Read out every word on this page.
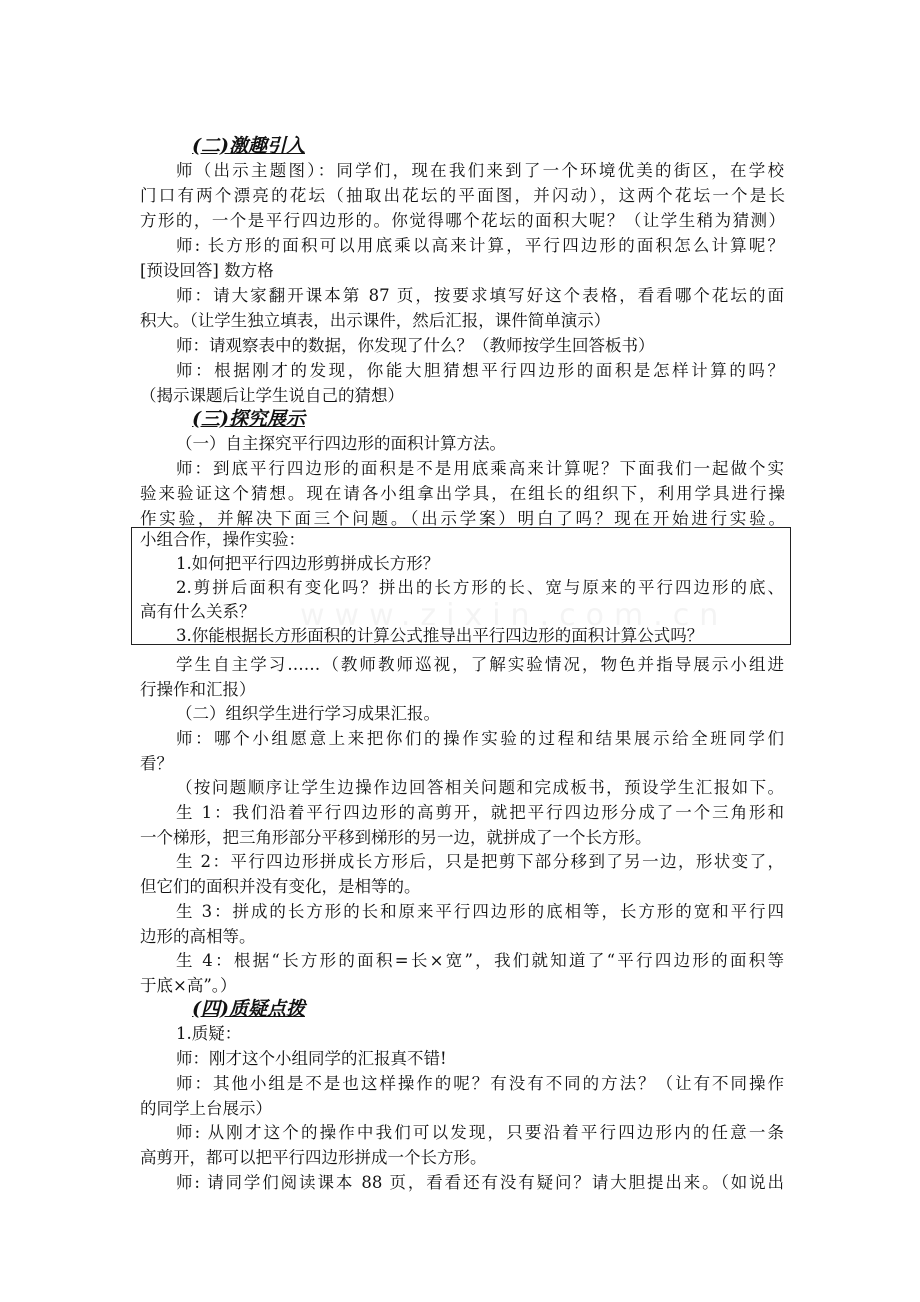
www.zixin.com.cn
(二)激趣引入
师（出示主题图）：同学们，现在我们来到了一个环境优美的街区，在学校
门口有两个漂亮的花坛（抽取出花坛的平面图，并闪动），这两个花坛一个是长
方形的，一个是平行四边形的。你觉得哪个花坛的面积大呢？（让学生稍为猜测）
师: 长方形的面积可以用底乘以高来计算，平行四边形的面积怎么计算呢？
[预设回答] 数方格
师：请大家翻开课本第 87 页，按要求填写好这个表格，看看哪个花坛的面
积大。（让学生独立填表，出示课件，然后汇报，课件简单演示）
师：请观察表中的数据，你发现了什么？（教师按学生回答板书）
师：根据刚才的发现，你能大胆猜想平行四边形的面积是怎样计算的吗？
（揭示课题后让学生说自己的猜想）
(三)探究展示
（一）自主探究平行四边形的面积计算方法。
师：到底平行四边形的面积是不是用底乘高来计算呢？下面我们一起做个实
验来验证这个猜想。现在请各小组拿出学具，在组长的组织下，利用学具进行操
作实验，并解决下面三个问题。（出示学案）明白了吗？现在开始进行实验。
小组合作，操作实验：
1.如何把平行四边形剪拼成长方形？
2.剪拼后面积有变化吗？拼出的长方形的长、宽与原来的平行四边形的底、
高有什么关系？
3.你能根据长方形面积的计算公式推导出平行四边形的面积计算公式吗？
学生自主学习……（教师教师巡视，了解实验情况，物色并指导展示小组进
行操作和汇报）
（二）组织学生进行学习成果汇报。
师：哪个小组愿意上来把你们的操作实验的过程和结果展示给全班同学们
看？
（按问题顺序让学生边操作边回答相关问题和完成板书，预设学生汇报如下。
生 1：我们沿着平行四边形的高剪开，就把平行四边形分成了一个三角形和
一个梯形，把三角形部分平移到梯形的另一边，就拼成了一个长方形。
生 2：平行四边形拼成长方形后，只是把剪下部分移到了另一边，形状变了，
但它们的面积并没有变化，是相等的。
生 3：拼成的长方形的长和原来平行四边形的底相等，长方形的宽和平行四
边形的高相等。
生 4：根据“长方形的面积=长×宽”，我们就知道了“平行四边形的面积等
于底×高”。）
(四)质疑点拨
1.质疑：
师：刚才这个小组同学的汇报真不错!
师：其他小组是不是也这样操作的呢？有没有不同的方法？（让有不同操作
的同学上台展示）
师: 从刚才这个的操作中我们可以发现，只要沿着平行四边形内的任意一条
高剪开，都可以把平行四边形拼成一个长方形。
师: 请同学们阅读课本 88 页，看看还有没有疑问？请大胆提出来。（如说出
